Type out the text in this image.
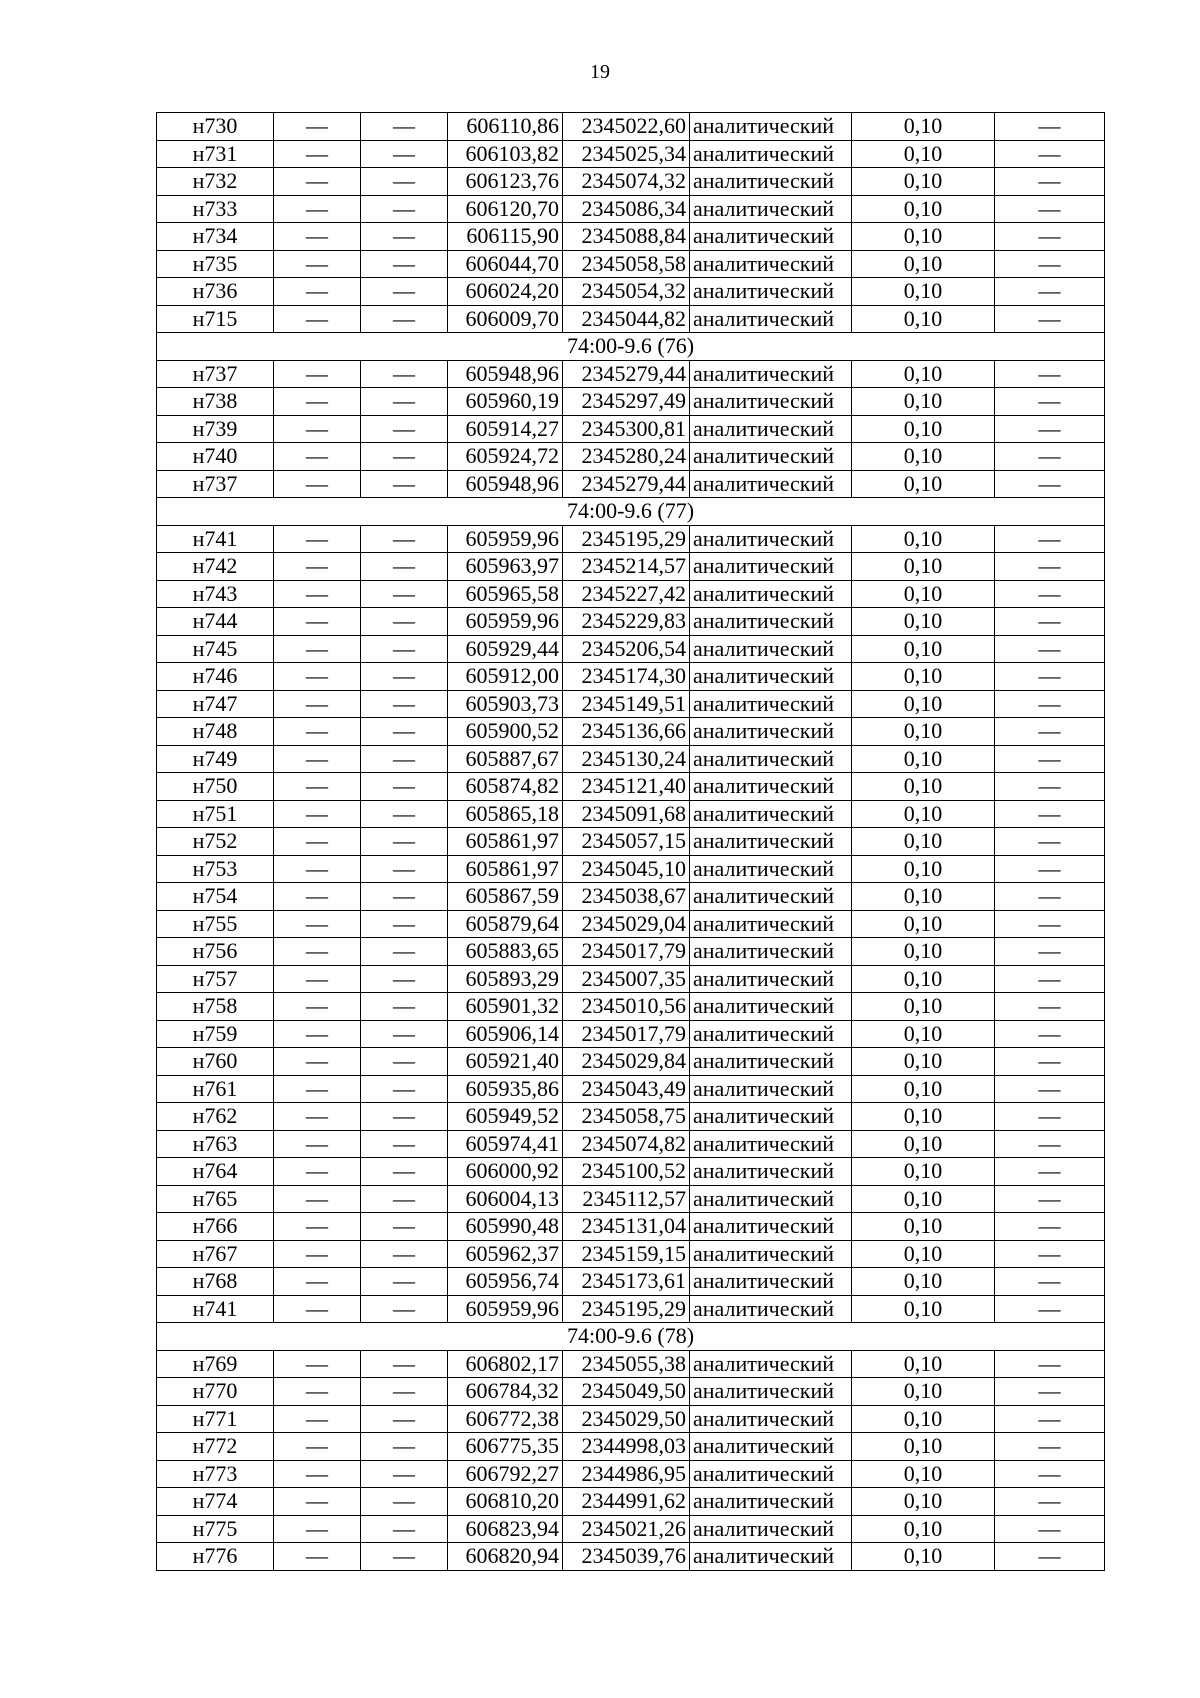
19
н730	—	—	606110,86	2345022,60	аналитический	0,10	—
н731	—	—	606103,82	2345025,34	аналитический	0,10	—
н732	—	—	606123,76	2345074,32	аналитический	0,10	—
н733	—	—	606120,70	2345086,34	аналитический	0,10	—
н734	—	—	606115,90	2345088,84	аналитический	0,10	—
н735	—	—	606044,70	2345058,58	аналитический	0,10	—
н736	—	—	606024,20	2345054,32	аналитический	0,10	—
н715	—	—	606009,70	2345044,82	аналитический	0,10	—
74:00-9.6 (76)							
н737	—	—	605948,96	2345279,44	аналитический	0,10	—
н738	—	—	605960,19	2345297,49	аналитический	0,10	—
н739	—	—	605914,27	2345300,81	аналитический	0,10	—
н740	—	—	605924,72	2345280,24	аналитический	0,10	—
н737	—	—	605948,96	2345279,44	аналитический	0,10	—
74:00-9.6 (77)							
н741	—	—	605959,96	2345195,29	аналитический	0,10	—
н742	—	—	605963,97	2345214,57	аналитический	0,10	—
н743	—	—	605965,58	2345227,42	аналитический	0,10	—
н744	—	—	605959,96	2345229,83	аналитический	0,10	—
н745	—	—	605929,44	2345206,54	аналитический	0,10	—
н746	—	—	605912,00	2345174,30	аналитический	0,10	—
н747	—	—	605903,73	2345149,51	аналитический	0,10	—
н748	—	—	605900,52	2345136,66	аналитический	0,10	—
н749	—	—	605887,67	2345130,24	аналитический	0,10	—
н750	—	—	605874,82	2345121,40	аналитический	0,10	—
н751	—	—	605865,18	2345091,68	аналитический	0,10	—
н752	—	—	605861,97	2345057,15	аналитический	0,10	—
н753	—	—	605861,97	2345045,10	аналитический	0,10	—
н754	—	—	605867,59	2345038,67	аналитический	0,10	—
н755	—	—	605879,64	2345029,04	аналитический	0,10	—
н756	—	—	605883,65	2345017,79	аналитический	0,10	—
н757	—	—	605893,29	2345007,35	аналитический	0,10	—
н758	—	—	605901,32	2345010,56	аналитический	0,10	—
н759	—	—	605906,14	2345017,79	аналитический	0,10	—
н760	—	—	605921,40	2345029,84	аналитический	0,10	—
н761	—	—	605935,86	2345043,49	аналитический	0,10	—
н762	—	—	605949,52	2345058,75	аналитический	0,10	—
н763	—	—	605974,41	2345074,82	аналитический	0,10	—
н764	—	—	606000,92	2345100,52	аналитический	0,10	—
н765	—	—	606004,13	2345112,57	аналитический	0,10	—
н766	—	—	605990,48	2345131,04	аналитический	0,10	—
н767	—	—	605962,37	2345159,15	аналитический	0,10	—
н768	—	—	605956,74	2345173,61	аналитический	0,10	—
н741	—	—	605959,96	2345195,29	аналитический	0,10	—
74:00-9.6 (78)							
н769	—	—	606802,17	2345055,38	аналитический	0,10	—
н770	—	—	606784,32	2345049,50	аналитический	0,10	—
н771	—	—	606772,38	2345029,50	аналитический	0,10	—
н772	—	—	606775,35	2344998,03	аналитический	0,10	—
н773	—	—	606792,27	2344986,95	аналитический	0,10	—
н774	—	—	606810,20	2344991,62	аналитический	0,10	—
н775	—	—	606823,94	2345021,26	аналитический	0,10	—
н776	—	—	606820,94	2345039,76	аналитический	0,10	—
